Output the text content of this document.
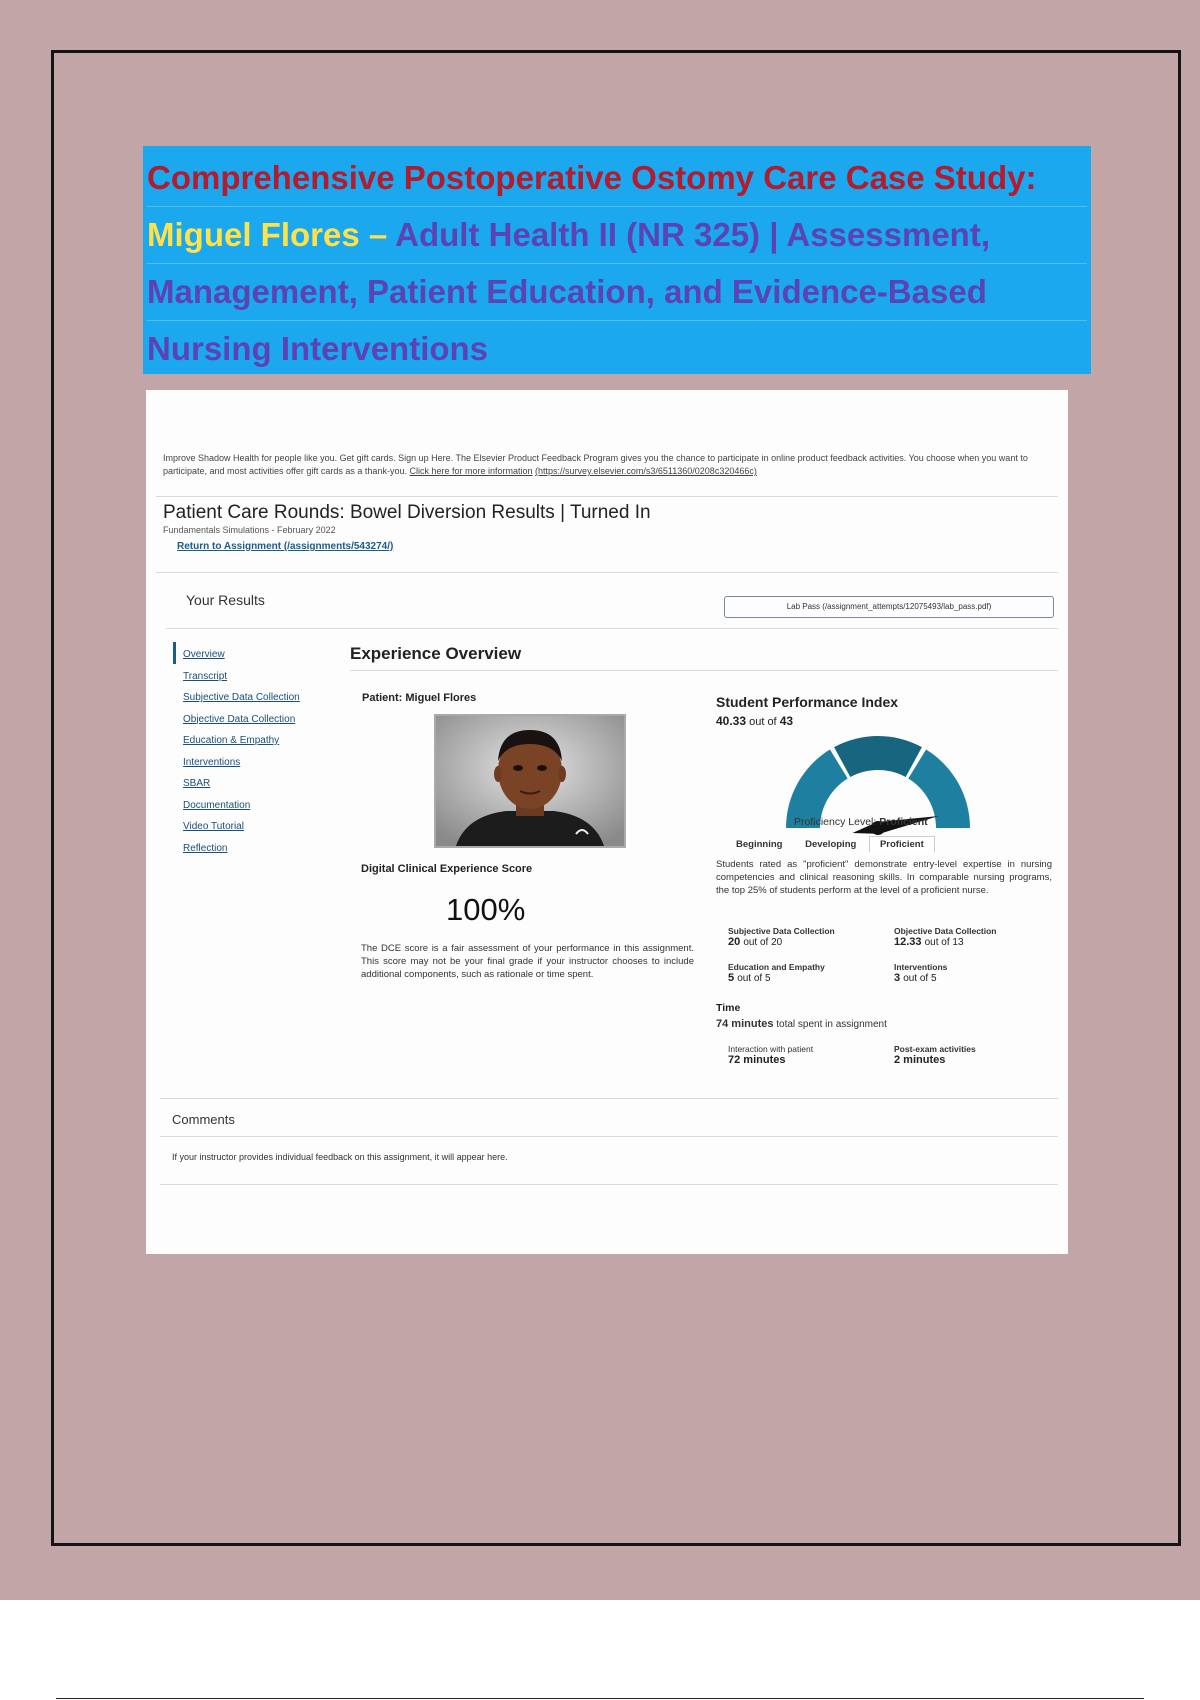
Comprehensive Postoperative Ostomy Care Case Study:
Miguel Flores – Adult Health II (NR 325) | Assessment,
Management, Patient Education, and Evidence-Based
Nursing Interventions
Improve Shadow Health for people like you. Get gift cards. Sign up Here. The Elsevier Product Feedback Program gives you the chance to participate in online product feedback activities. You choose when you want to participate, and most activities offer gift cards as a thank-you. Click here for more information (https://survey.elsevier.com/s3/6511360/0208c320466c)
Patient Care Rounds: Bowel Diversion Results | Turned In
Fundamentals Simulations - February 2022
Return to Assignment (/assignments/543274/)
Your Results	Lab Pass (/assignment_attempts/12075493/lab_pass.pdf)
Overview
Transcript
Subjective Data Collection
Objective Data Collection
Education & Empathy
Interventions
SBAR
Documentation
Video Tutorial
Reflection
Experience Overview
Patient: Miguel Flores
Digital Clinical Experience Score
100%
The DCE score is a fair assessment of your performance in this assignment. This score may not be your final grade if your instructor chooses to include additional components, such as rationale or time spent.
Student Performance Index
40.33 out of 43
Proficiency Level: Proficient
Beginning Developing Proficient
Students rated as "proficient" demonstrate entry-level expertise in nursing competencies and clinical reasoning skills. In comparable nursing programs, the top 25% of students perform at the level of a proficient nurse.
Subjective Data Collection
20 out of 20
Objective Data Collection
12.33 out of 13
Education and Empathy
5 out of 5
Interventions
3 out of 5
Time
74 minutes total spent in assignment
Interaction with patient
72 minutes
Post-exam activities
2 minutes
Comments
If your instructor provides individual feedback on this assignment, it will appear here.
